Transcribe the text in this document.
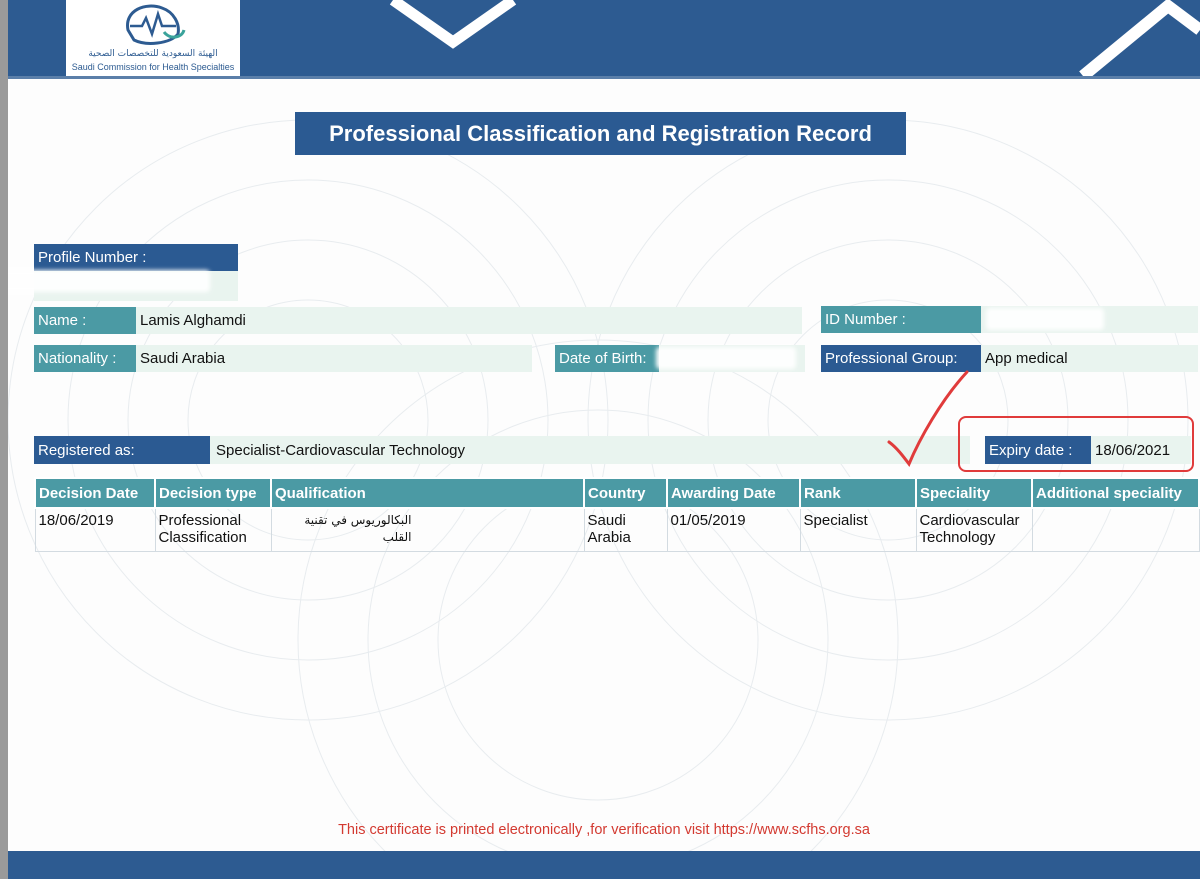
الهيئة السعودية للتخصصات الصحية
Saudi Commission for Health Specialties
Professional Classification and Registration Record
Profile Number :
Name :	Lamis Alghamdi	ID Number :
Nationality :	Saudi Arabia	Date of Birth:	Professional Group:	App medical
Registered as:	Specialist-Cardiovascular Technology	Expiry date :	18/06/2021
Decision Date	Decision type	Qualification	Country	Awarding Date	Rank	Speciality	Additional speciality
18/06/2019	Professional Classification	البكالوريوس في تقنية القلب	Saudi Arabia	01/05/2019	Specialist	Cardiovascular Technology	
This certificate is printed electronically ,for verification visit https://www.scfhs.org.sa
